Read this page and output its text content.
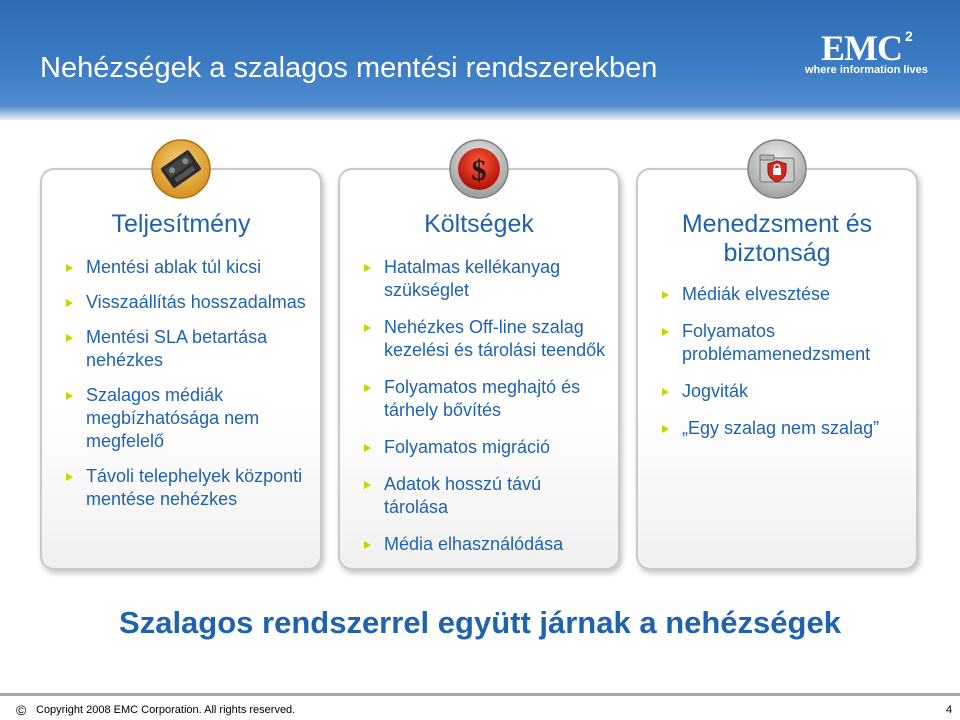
Nehézségek a szalagos mentési rendszerekben	EMC 2
where information lives
Teljesítmény
Mentési ablak túl kicsi
Visszaállítás hosszadalmas
Mentési SLA betartása nehézkes
Szalagos médiák megbízhatósága nem megfelelő
Távoli telephelyek központi mentése nehézkes
Költségek
Hatalmas kellékanyag szükséglet
Nehézkes Off-line szalag kezelési és tárolási teendők
Folyamatos meghajtó és tárhely bővítés
Folyamatos migráció
Adatok hosszú távú tárolása
Média elhasználódása
Menedzsment és biztonság
Médiák elvesztése
Folyamatos problémamenedzsment
Jogviták
„Egy szalag nem szalag”
$
Szalagos rendszerrel együtt járnak a nehézségek
© Copyright 2008 EMC Corporation. All rights reserved.	4
